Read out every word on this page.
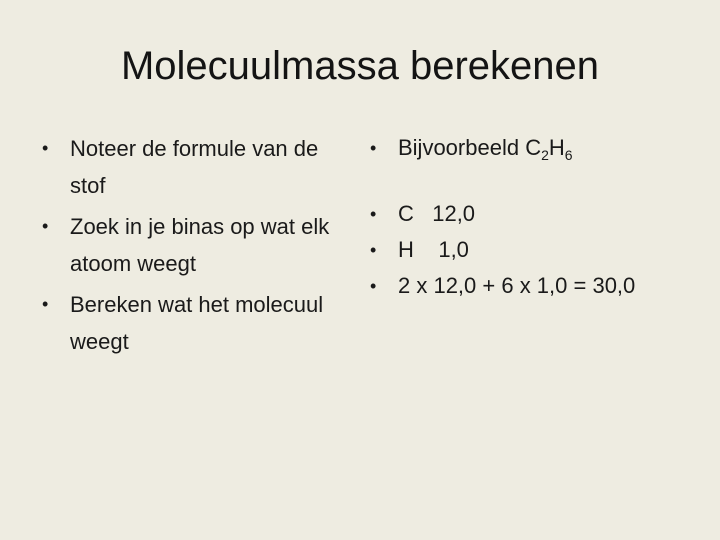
Molecuulmassa berekenen
• Noteer de formule van de stof
• Zoek in je binas op wat elk atoom weegt
• Bereken wat het molecuul weegt
• Bijvoorbeeld $C_2H_6$
• C   12,0
• H    1,0
• 2 x 12,0 + 6 x 1,0 = 30,0
